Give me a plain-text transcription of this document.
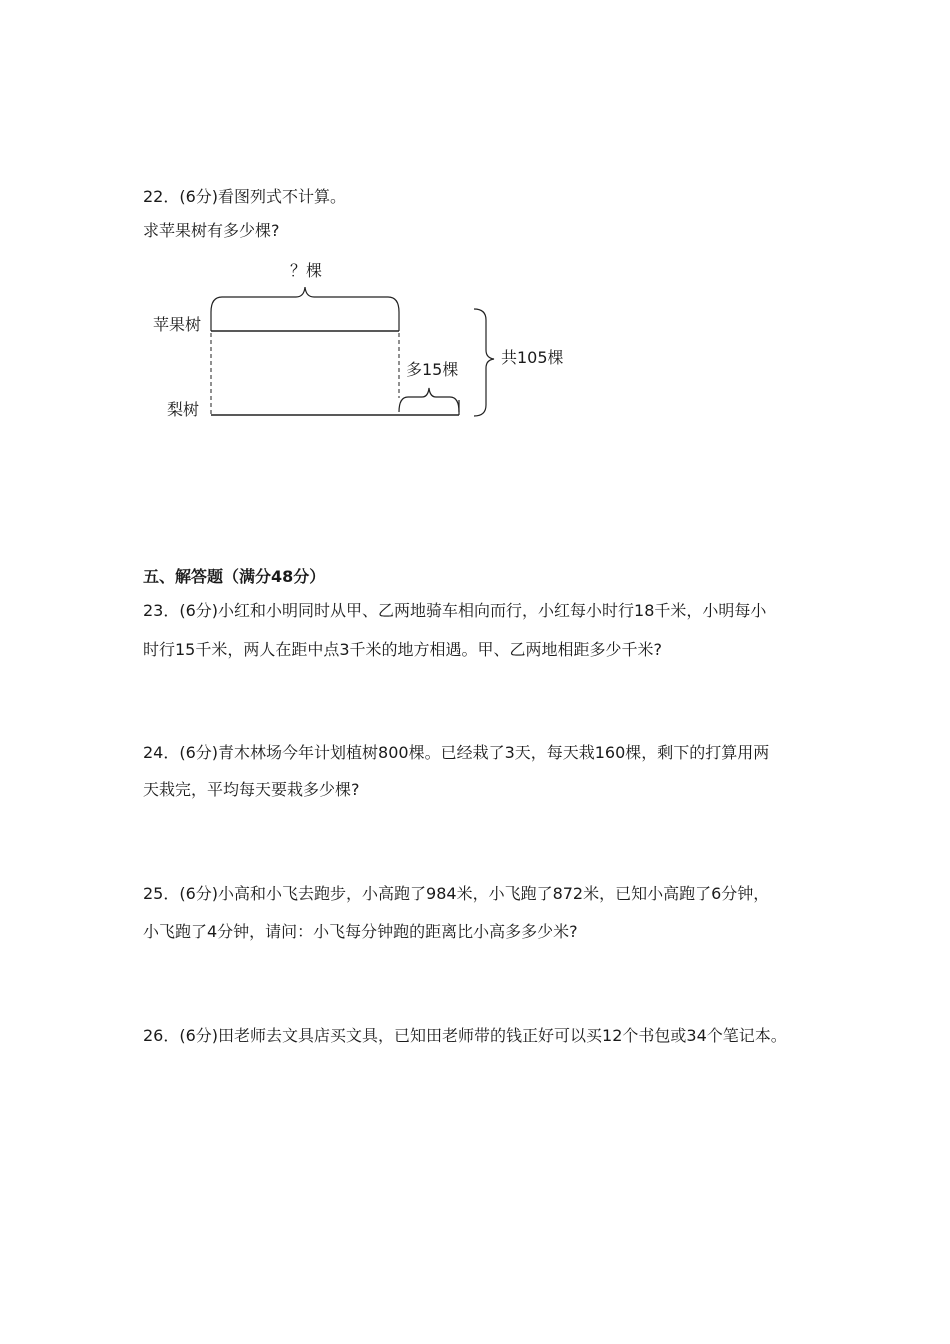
22．(6分)看图列式不计算。
求苹果树有多少棵?
？棵
苹果树
梨树
多15棵
共105棵
五、解答题（满分48分）
23．(6分)小红和小明同时从甲、乙两地骑车相向而行，小红每小时行18千米，小明每小
时行15千米，两人在距中点3千米的地方相遇。甲、乙两地相距多少千米?
24．(6分)青木林场今年计划植树800棵。已经栽了3天，每天栽160棵，剩下的打算用两
天栽完，平均每天要栽多少棵?
25．(6分)小高和小飞去跑步，小高跑了984米，小飞跑了872米，已知小高跑了6分钟，
小飞跑了4分钟，请问：小飞每分钟跑的距离比小高多多少米?
26．(6分)田老师去文具店买文具，已知田老师带的钱正好可以买12个书包或34个笔记本。
